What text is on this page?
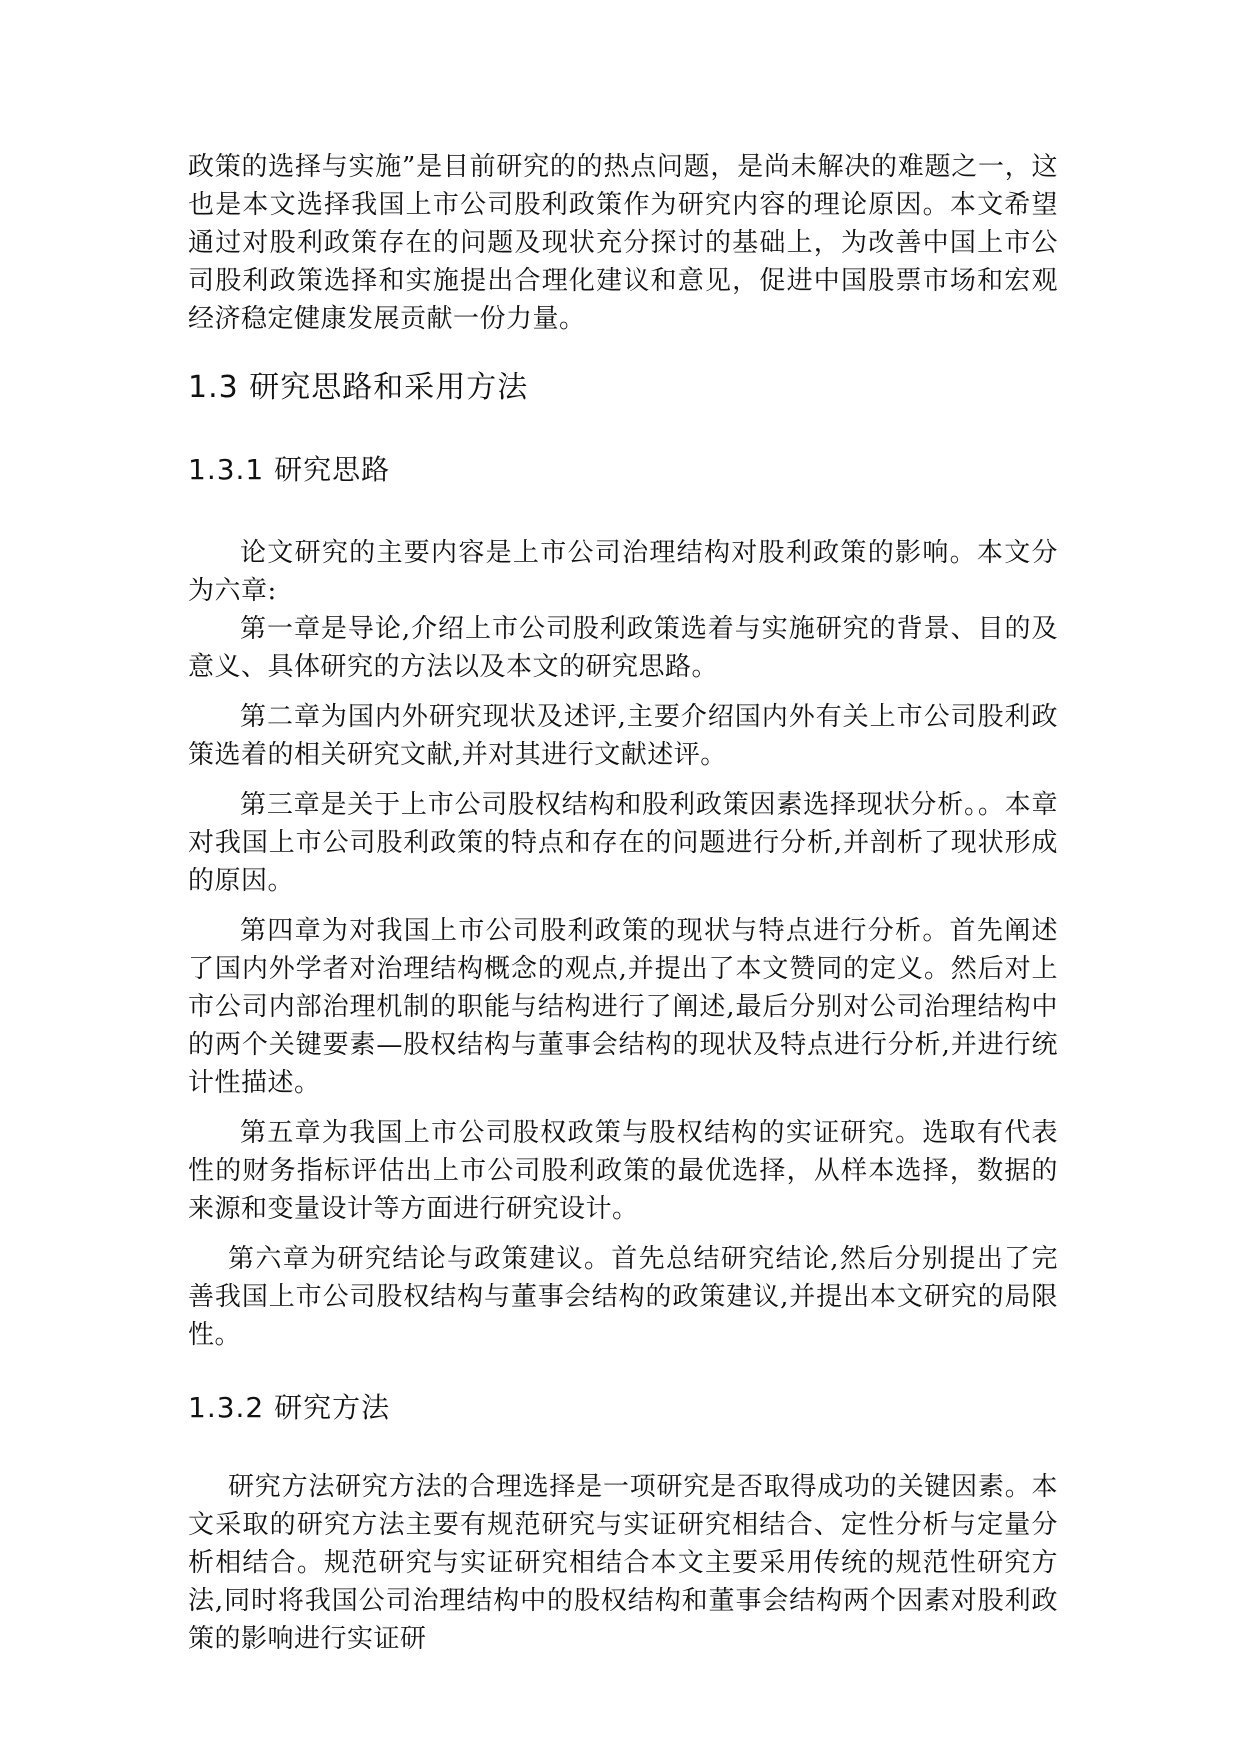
政策的选择与实施”是目前研究的的热点问题，是尚未解决的难题之一，这也是本文选择我国上市公司股利政策作为研究内容的理论原因。本文希望通过对股利政策存在的问题及现状充分探讨的基础上，为改善中国上市公司股利政策选择和实施提出合理化建议和意见，促进中国股票市场和宏观经济稳定健康发展贡献一份力量。

1.3 研究思路和采用方法
1.3.1 研究思路

论文研究的主要内容是上市公司治理结构对股利政策的影响。本文分为六章:

第一章是导论,介绍上市公司股利政策选着与实施研究的背景、目的及意义、具体研究的方法以及本文的研究思路。

第二章为国内外研究现状及述评,主要介绍国内外有关上市公司股利政策选着的相关研究文献,并对其进行文献述评。

第三章是关于上市公司股权结构和股利政策因素选择现状分析。。本章对我国上市公司股利政策的特点和存在的问题进行分析,并剖析了现状形成的原因。

第四章为对我国上市公司股利政策的现状与特点进行分析。首先阐述了国内外学者对治理结构概念的观点,并提出了本文赞同的定义。然后对上市公司内部治理机制的职能与结构进行了阐述,最后分别对公司治理结构中的两个关键要素—股权结构与董事会结构的现状及特点进行分析,并进行统计性描述。

第五章为我国上市公司股权政策与股权结构的实证研究。选取有代表性的财务指标评估出上市公司股利政策的最优选择，从样本选择，数据的来源和变量设计等方面进行研究设计。

第六章为研究结论与政策建议。首先总结研究结论,然后分别提出了完善我国上市公司股权结构与董事会结构的政策建议,并提出本文研究的局限性。

1.3.2 研究方法

研究方法研究方法的合理选择是一项研究是否取得成功的关键因素。本文采取的研究方法主要有规范研究与实证研究相结合、定性分析与定量分析相结合。规范研究与实证研究相结合本文主要采用传统的规范性研究方法,同时将我国公司治理结构中的股权结构和董事会结构两个因素对股利政策的影响进行实证研
